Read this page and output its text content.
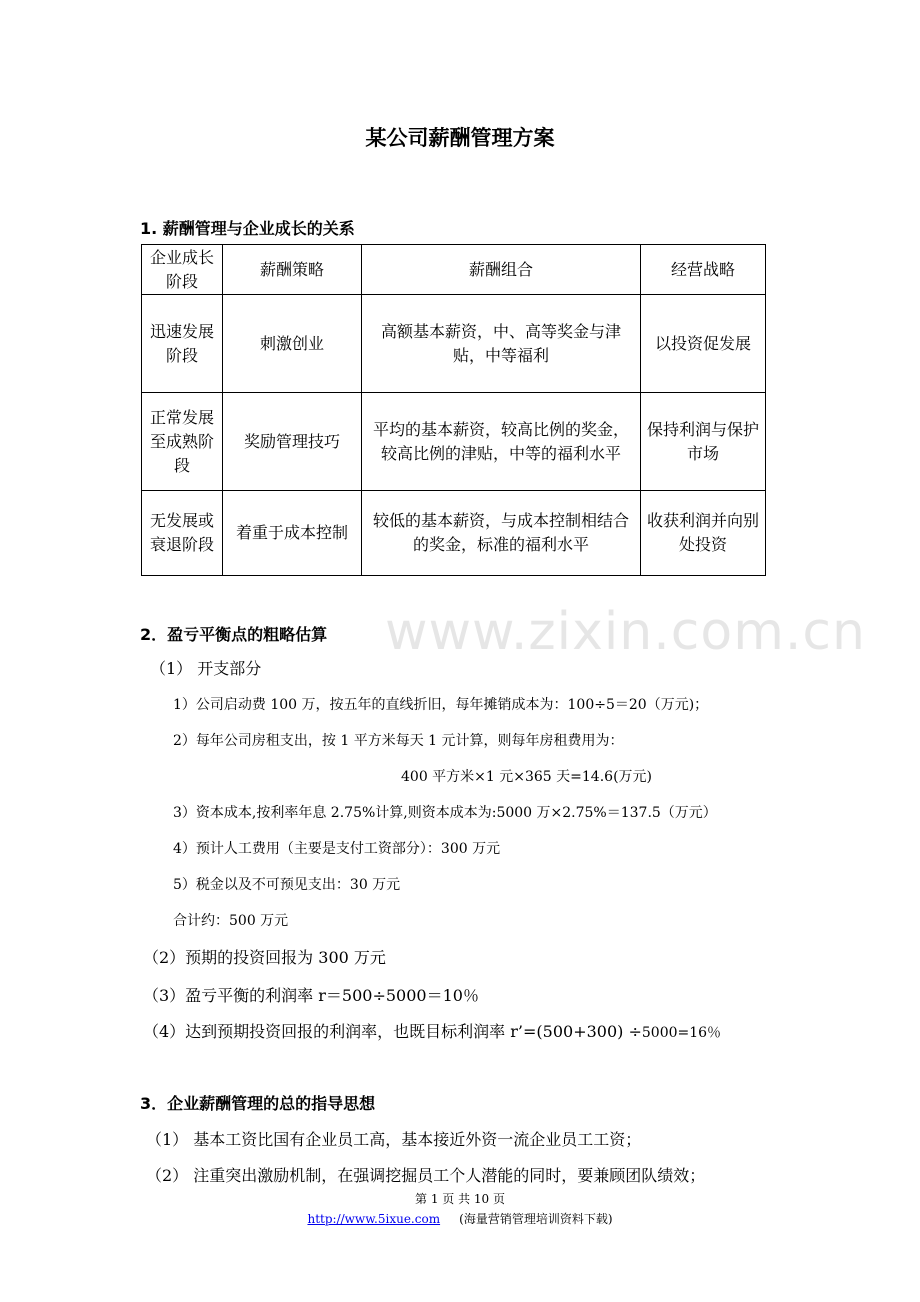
某公司薪酬管理方案
1. 薪酬管理与企业成长的关系
企业成长阶段	薪酬策略	薪酬组合	经营战略
迅速发展阶段	刺激创业	高额基本薪资，中、高等奖金与津贴，中等福利	以投资促发展
正常发展至成熟阶段	奖励管理技巧	平均的基本薪资，较高比例的奖金，较高比例的津贴，中等的福利水平	保持利润与保护市场
无发展或衰退阶段	着重于成本控制	较低的基本薪资，与成本控制相结合的奖金，标准的福利水平	收获利润并向别处投资
www.zixin.com.cn
2．盈亏平衡点的粗略估算
（1） 开支部分
1）公司启动费 100 万，按五年的直线折旧，每年摊销成本为：100÷5＝20（万元)；
2）每年公司房租支出，按 1 平方米每天 1 元计算，则每年房租费用为：
400 平方米×1 元×365 天=14.6(万元)
3）资本成本,按利率年息 2.75%计算,则资本成本为:5000 万×2.75%＝137.5（万元）
4）预计人工费用（主要是支付工资部分）：300 万元
5）税金以及不可预见支出：30 万元
合计约：500 万元
（2）预期的投资回报为 300 万元
（3）盈亏平衡的利润率 r＝500÷5000＝10％
（4）达到预期投资回报的利润率，也既目标利润率 r’=(500+300) ÷5000=16％
3．企业薪酬管理的总的指导思想
（1） 基本工资比国有企业员工高，基本接近外资一流企业员工工资；
（2） 注重突出激励机制，在强调挖掘员工个人潜能的同时，要兼顾团队绩效；
第 1 页 共 10 页
http://www.5ixue.com (海量营销管理培训资料下载)
